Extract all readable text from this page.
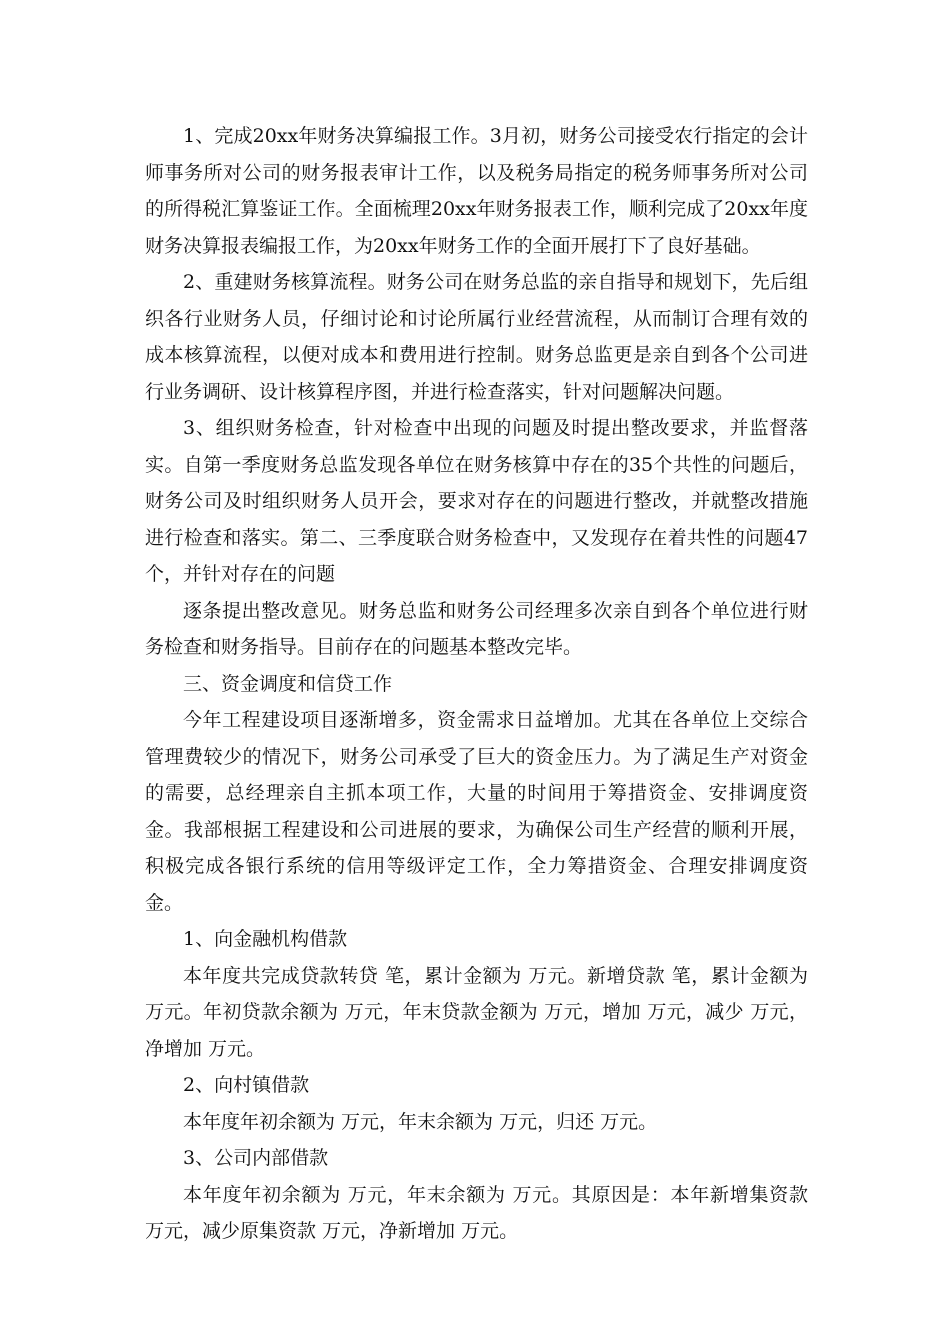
1、完成20xx年财务决算编报工作。3月初，财务公司接受农行指定的会计师事务所对公司的财务报表审计工作，以及税务局指定的税务师事务所对公司的所得税汇算鉴证工作。全面梳理20xx年财务报表工作，顺利完成了20xx年度财务决算报表编报工作，为20xx年财务工作的全面开展打下了良好基础。

2、重建财务核算流程。财务公司在财务总监的亲自指导和规划下，先后组织各行业财务人员，仔细讨论和讨论所属行业经营流程，从而制订合理有效的成本核算流程，以便对成本和费用进行控制。财务总监更是亲自到各个公司进行业务调研、设计核算程序图，并进行检查落实，针对问题解决问题。

3、组织财务检查，针对检查中出现的问题及时提出整改要求，并监督落实。自第一季度财务总监发现各单位在财务核算中存在的35个共性的问题后，财务公司及时组织财务人员开会，要求对存在的问题进行整改，并就整改措施进行检查和落实。第二、三季度联合财务检查中，又发现存在着共性的问题47个，并针对存在的问题

逐条提出整改意见。财务总监和财务公司经理多次亲自到各个单位进行财务检查和财务指导。目前存在的问题基本整改完毕。

三、资金调度和信贷工作

今年工程建设项目逐渐增多，资金需求日益增加。尤其在各单位上交综合管理费较少的情况下，财务公司承受了巨大的资金压力。为了满足生产对资金的需要，总经理亲自主抓本项工作，大量的时间用于筹措资金、安排调度资金。我部根据工程建设和公司进展的要求，为确保公司生产经营的顺利开展，积极完成各银行系统的信用等级评定工作，全力筹措资金、合理安排调度资金。

1、向金融机构借款

本年度共完成贷款转贷 笔，累计金额为 万元。新增贷款 笔，累计金额为 万元。年初贷款余额为 万元，年末贷款金额为 万元，增加 万元，减少 万元，净增加 万元。

2、向村镇借款

本年度年初余额为 万元，年末余额为 万元，归还 万元。

3、公司内部借款

本年度年初余额为 万元，年末余额为 万元。其原因是：本年新增集资款 万元，减少原集资款 万元，净新增加 万元。
